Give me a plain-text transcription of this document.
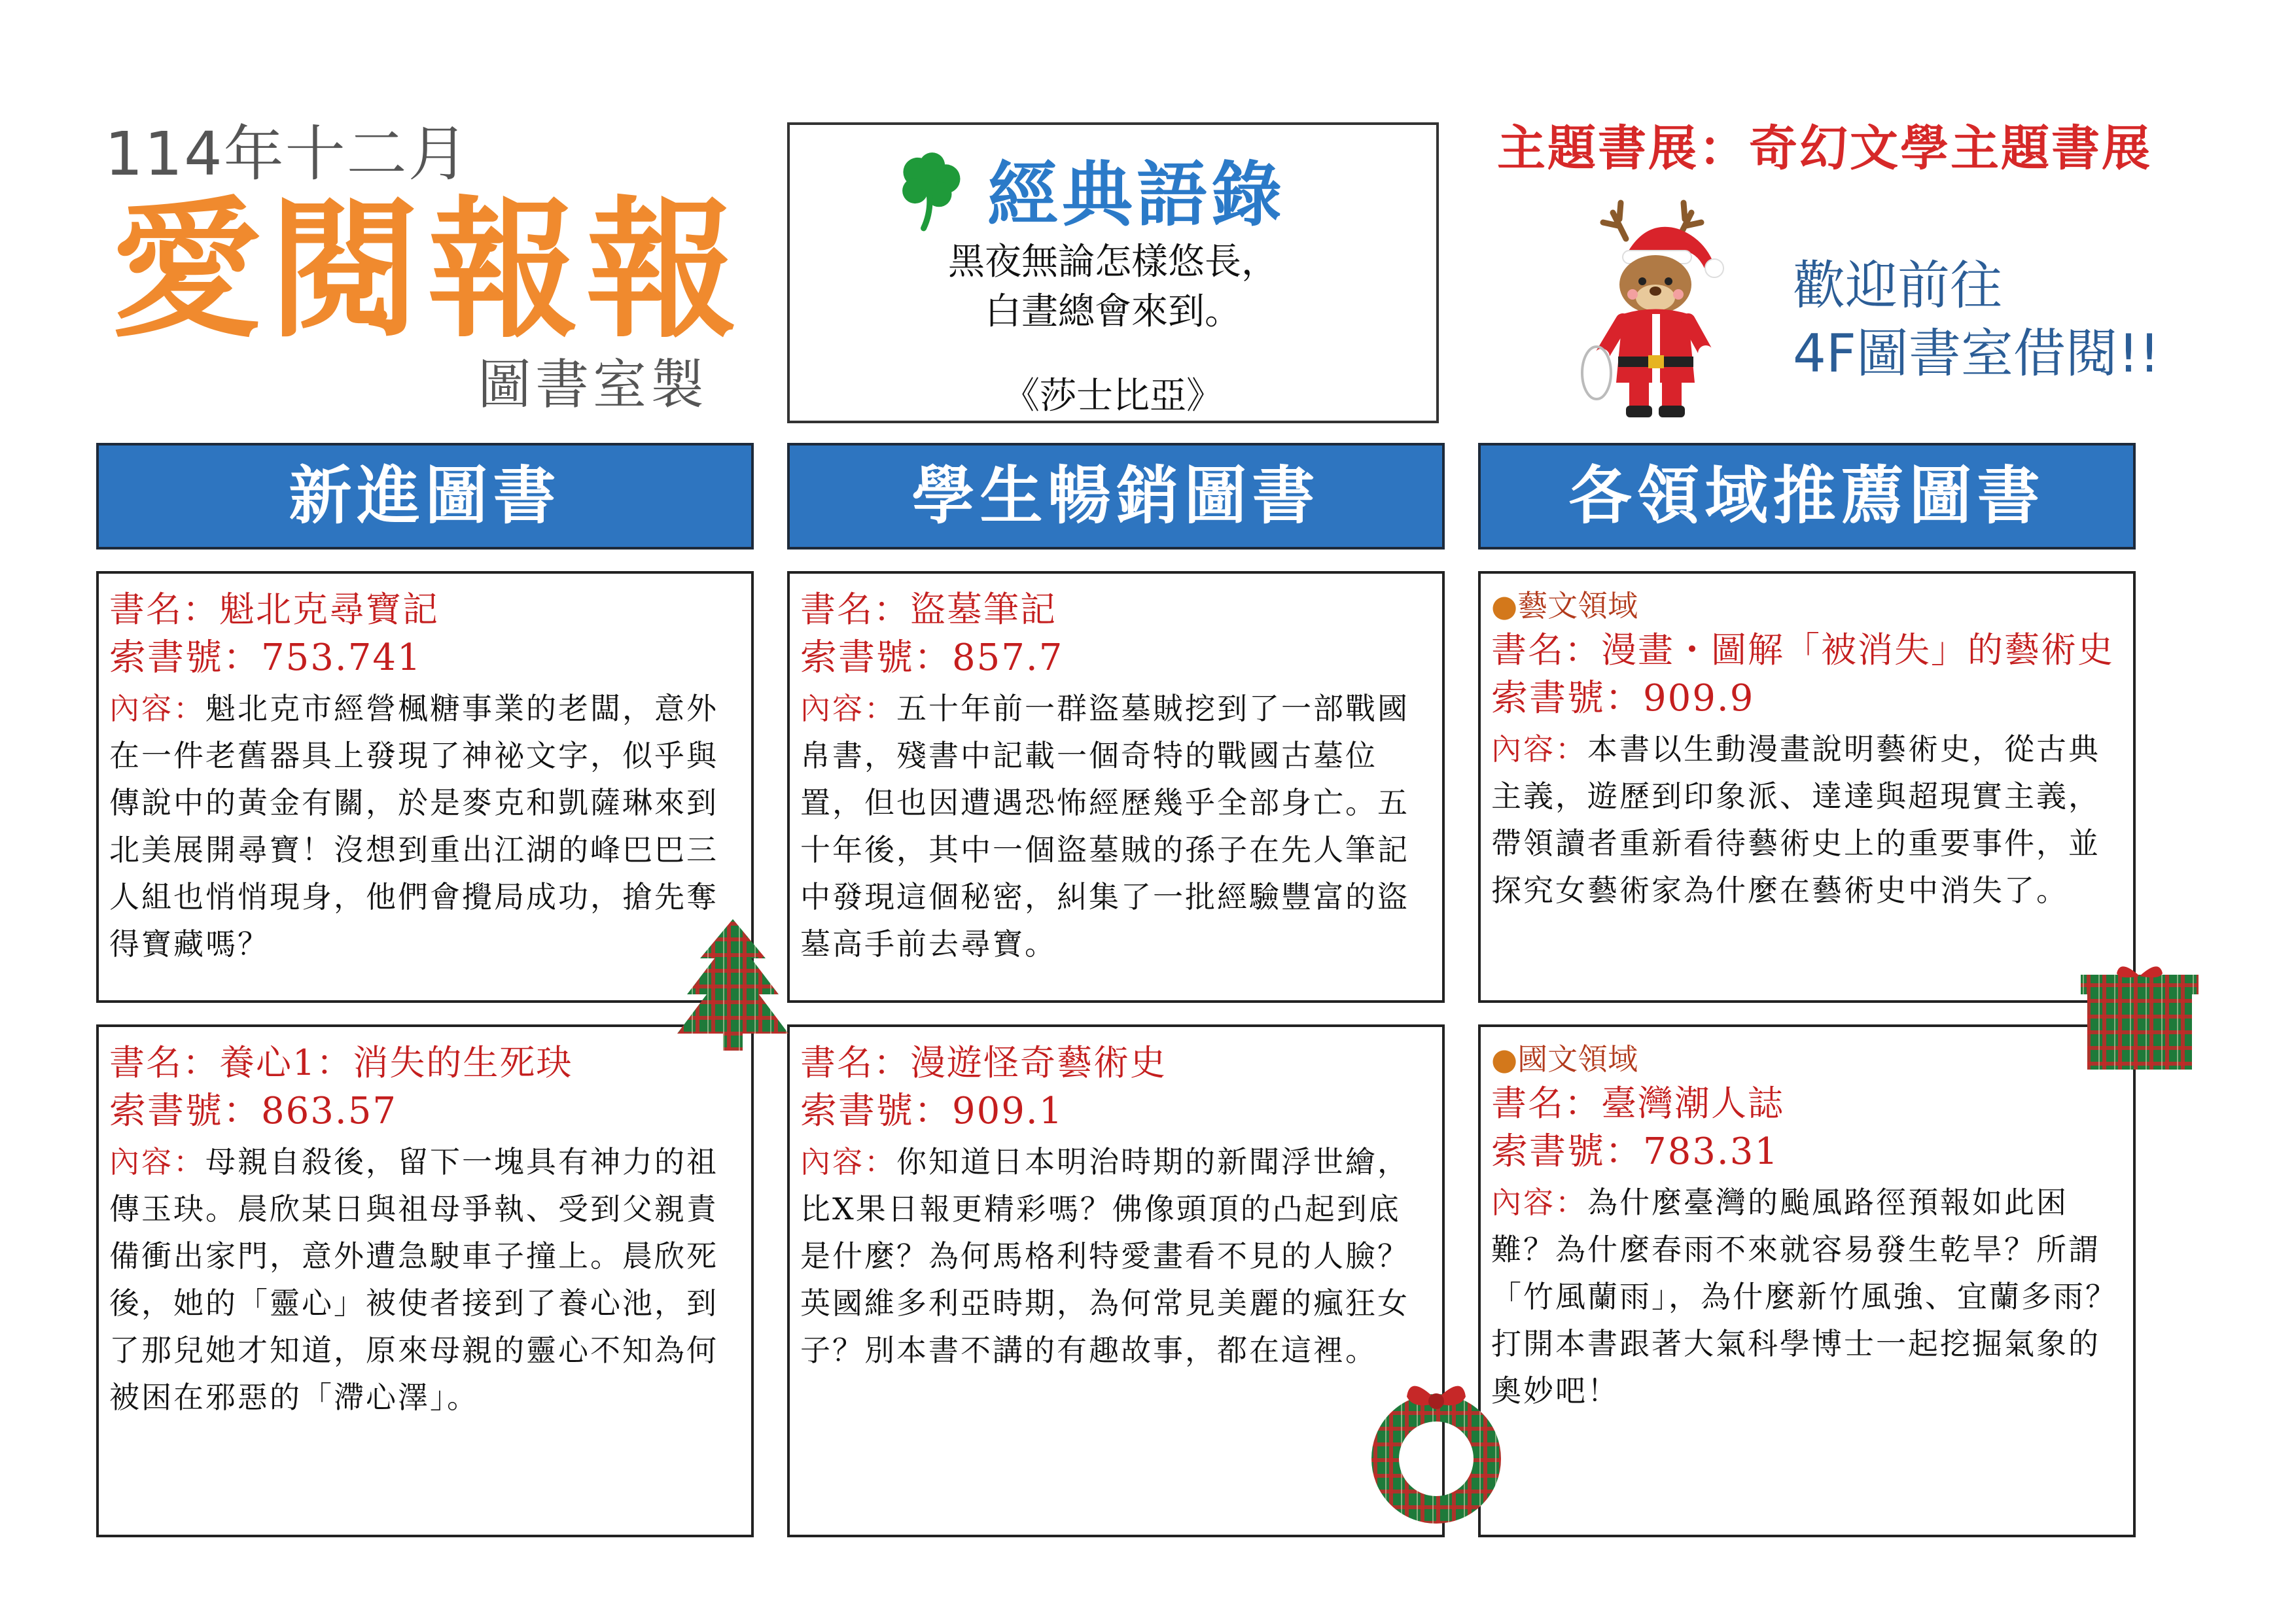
114年十二月
愛閱報報
圖書室製
經典語錄
黑夜無論怎樣悠長，
白晝總會來到。
《莎士比亞》
主題書展：奇幻文學主題書展
歡迎前往
4F圖書室借閱!!
新進圖書	學生暢銷圖書	各領域推薦圖書
書名：魁北克尋寶記
索書號：753.741
內容：魁北克市經營楓糖事業的老闆，意外在一件老舊器具上發現了神祕文字，似乎與傳說中的黃金有關，於是麥克和凱薩琳來到北美展開尋寶！沒想到重出江湖的峰巴巴三人組也悄悄現身，他們會攪局成功，搶先奪得寶藏嗎？
書名：盜墓筆記
索書號：857.7
內容：五十年前一群盜墓賊挖到了一部戰國帛書，殘書中記載一個奇特的戰國古墓位置，但也因遭遇恐怖經歷幾乎全部身亡。五十年後，其中一個盜墓賊的孫子在先人筆記中發現這個秘密，糾集了一批經驗豐富的盜墓高手前去尋寶。
●藝文領域
書名：漫畫・圖解「被消失」的藝術史
索書號：909.9
內容：本書以生動漫畫說明藝術史，從古典主義，遊歷到印象派、達達與超現實主義，帶領讀者重新看待藝術史上的重要事件，並探究女藝術家為什麼在藝術史中消失了。
書名：養心1：消失的生死玦
索書號：863.57
內容：母親自殺後，留下一塊具有神力的祖傳玉玦。晨欣某日與祖母爭執、受到父親責備衝出家門，意外遭急駛車子撞上。晨欣死後，她的「靈心」被使者接到了養心池，到了那兒她才知道，原來母親的靈心不知為何被困在邪惡的「滯心澤」。
書名：漫遊怪奇藝術史
索書號：909.1
內容：你知道日本明治時期的新聞浮世繪，比X果日報更精彩嗎？佛像頭頂的凸起到底是什麼？為何馬格利特愛畫看不見的人臉？英國維多利亞時期，為何常見美麗的瘋狂女子？別本書不講的有趣故事，都在這裡。
●國文領域
書名：臺灣潮人誌
索書號：783.31
內容：為什麼臺灣的颱風路徑預報如此困難？為什麼春雨不來就容易發生乾旱？所謂「竹風蘭雨」，為什麼新竹風強、宜蘭多雨？打開本書跟著大氣科學博士一起挖掘氣象的奧妙吧！
